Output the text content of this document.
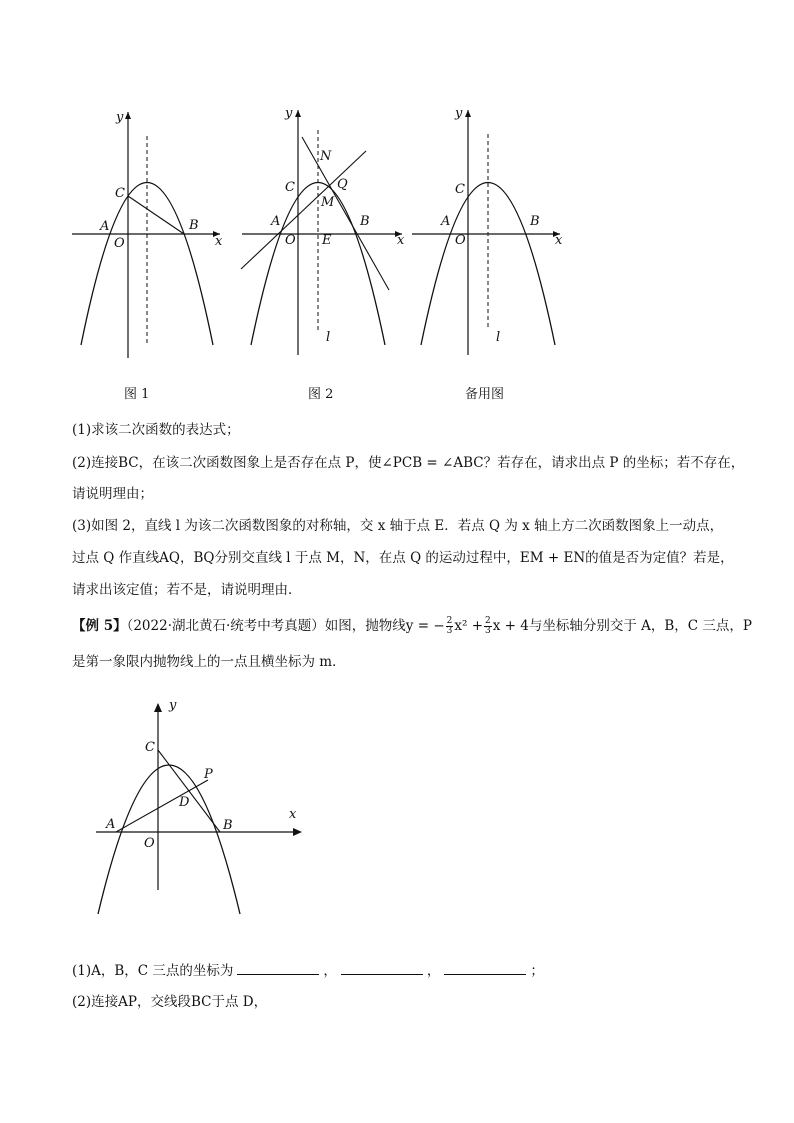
y
x
C
A	B
O
图 1
y
x
N
Q
C
M
A	B
O E
l
图 2
y
x
C
A	B
O
l
备用图
(1)求该二次函数的表达式；
(2)连接BC，在该二次函数图象上是否存在点 P，使∠PCB = ∠ABC？若存在，请求出点 P 的坐标；若不存在，
请说明理由；
(3)如图 2，直线 l 为该二次函数图象的对称轴，交 x 轴于点 E．若点 Q 为 x 轴上方二次函数图象上一动点，
过点 Q 作直线AQ，BQ分别交直线 l 于点 M，N，在点 Q 的运动过程中，EM + EN的值是否为定值？若是，
请求出该定值；若不是，请说明理由．
【例 5】（2022·湖北黄石·统考中考真题）如图，抛物线y = − $\frac{2}{3} x^2 + \frac{2}{3}$ x + 4与坐标轴分别交于 A，B，C 三点，P
是第一象限内抛物线上的一点且横坐标为 m．
y
x
C
P
D
A	B
O
(1)A，B，C 三点的坐标为	，	，	；
(2)连接AP，交线段BC于点 D，
